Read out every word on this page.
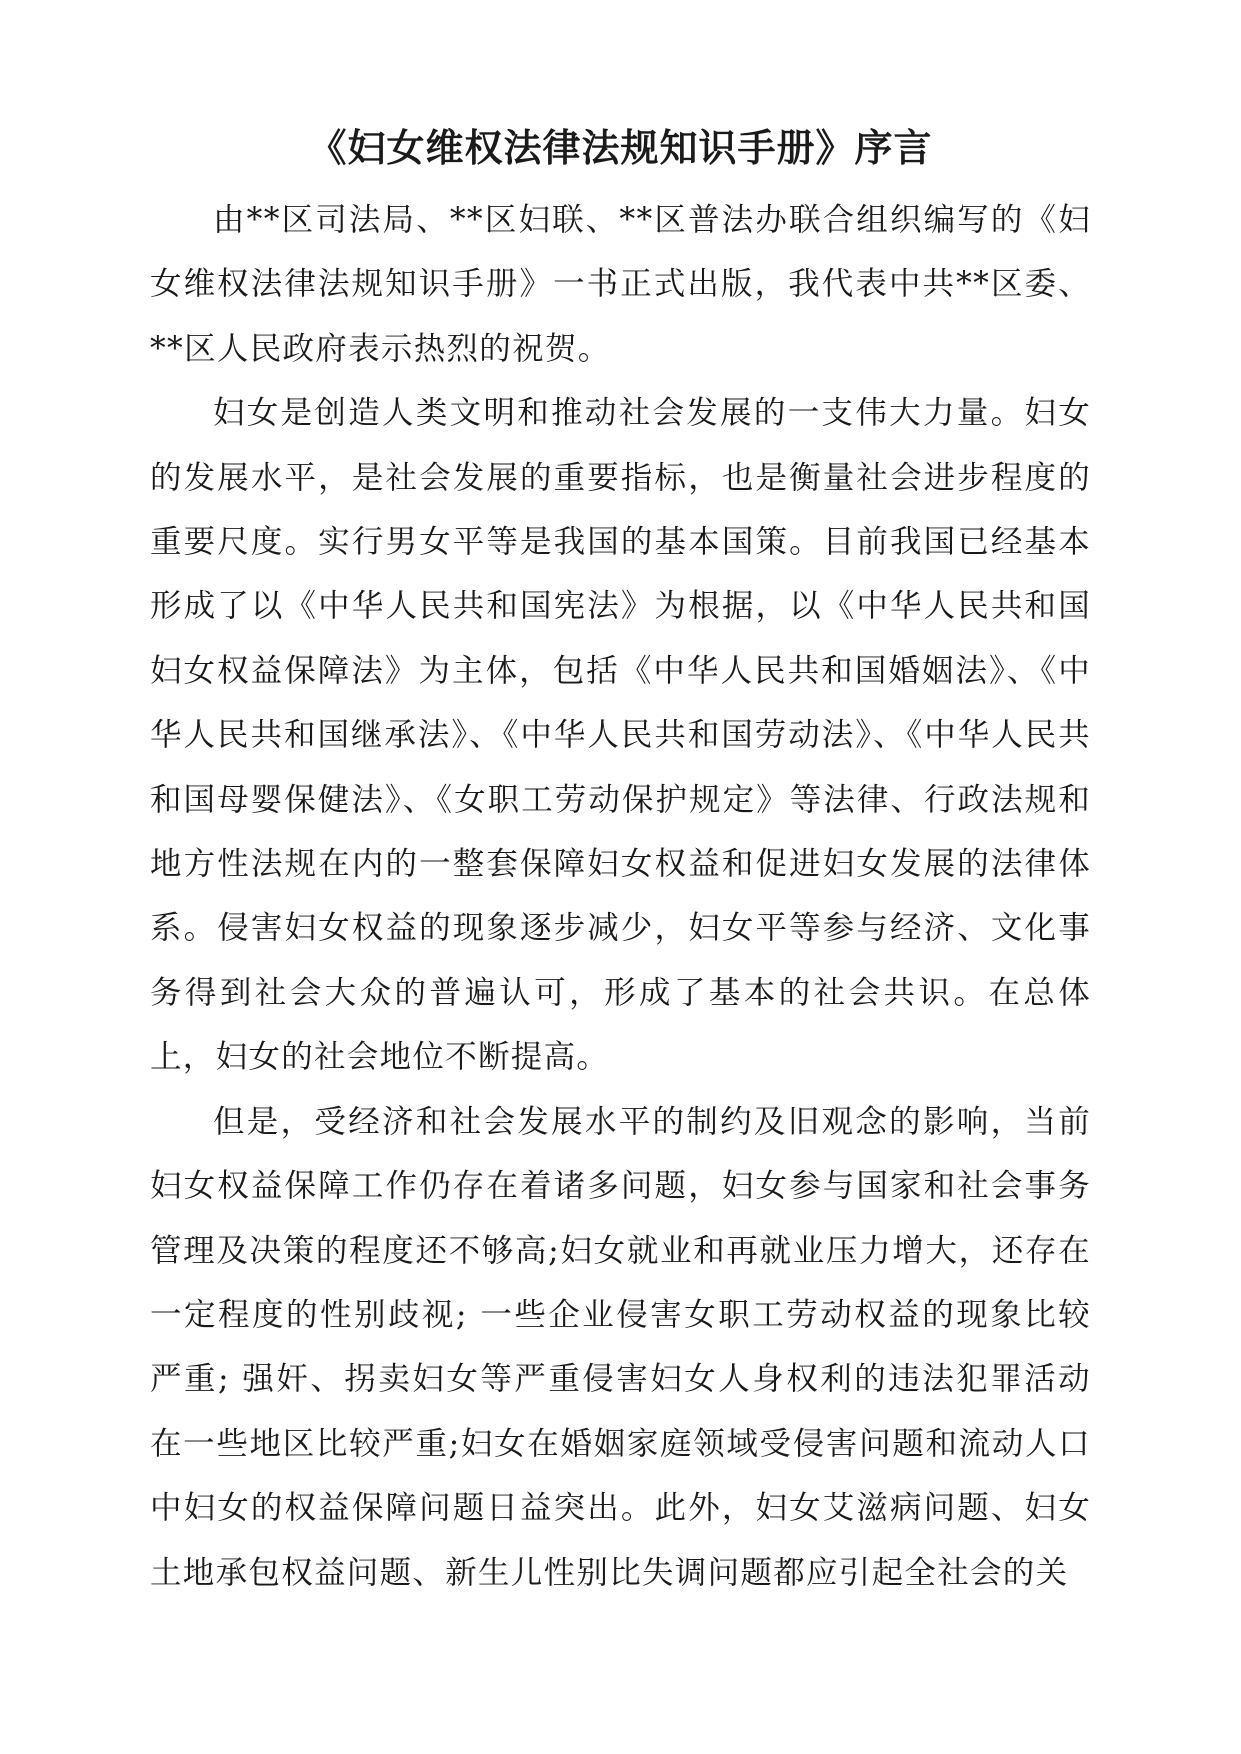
《妇女维权法律法规知识手册》序言

由**区司法局、**区妇联、**区普法办联合组织编写的《妇女维权法律法规知识手册》一书正式出版，我代表中共**区委、**区人民政府表示热烈的祝贺。

妇女是创造人类文明和推动社会发展的一支伟大力量。妇女的发展水平，是社会发展的重要指标，也是衡量社会进步程度的重要尺度。实行男女平等是我国的基本国策。目前我国已经基本形成了以《中华人民共和国宪法》为根据，以《中华人民共和国妇女权益保障法》为主体，包括《中华人民共和国婚姻法》、《中华人民共和国继承法》、《中华人民共和国劳动法》、《中华人民共和国母婴保健法》、《女职工劳动保护规定》等法律、行政法规和地方性法规在内的一整套保障妇女权益和促进妇女发展的法律体系。侵害妇女权益的现象逐步减少，妇女平等参与经济、文化事务得到社会大众的普遍认可，形成了基本的社会共识。在总体上，妇女的社会地位不断提高。

但是，受经济和社会发展水平的制约及旧观念的影响，当前妇女权益保障工作仍存在着诸多问题，妇女参与国家和社会事务管理及决策的程度还不够高;妇女就业和再就业压力增大，还存在一定程度的性别歧视; 一些企业侵害女职工劳动权益的现象比较严重; 强奸、拐卖妇女等严重侵害妇女人身权利的违法犯罪活动在一些地区比较严重;妇女在婚姻家庭领域受侵害问题和流动人口中妇女的权益保障问题日益突出。此外，妇女艾滋病问题、妇女土地承包权益问题、新生儿性别比失调问题都应引起全社会的关
